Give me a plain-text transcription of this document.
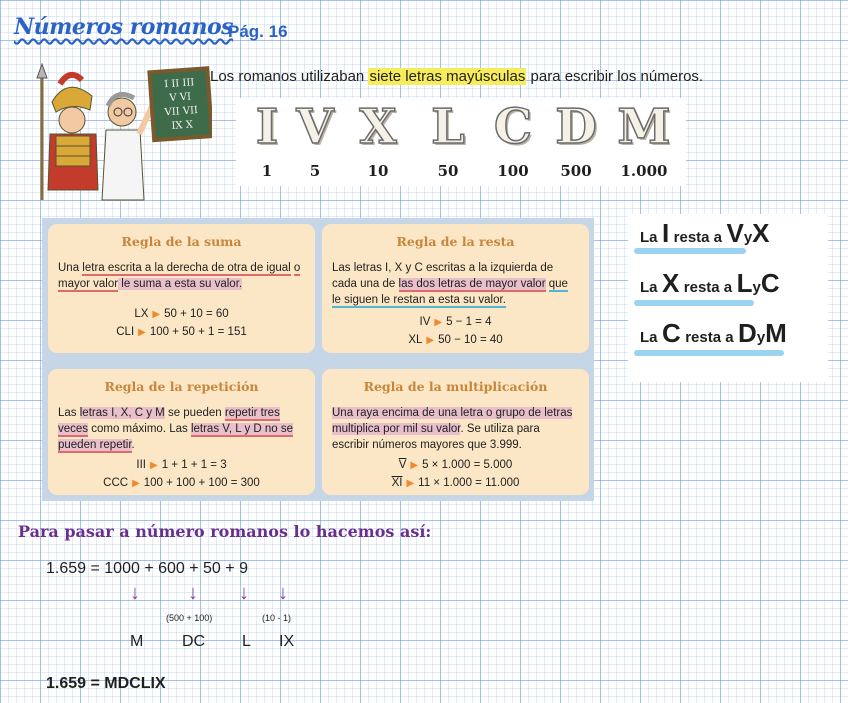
Números romanos
Pág. 16
I II III
V VI
VII VII
IX X
Los romanos utilizaban siete letras mayúsculas para escribir los números.
I
1
V
5
X
10
L
50
C
100
D
500
M
1.000
Regla de la suma
Una letra escrita a la derecha de otra de igual o mayor valor le suma a esta su valor.
LX ▶ 50 + 10 = 60
CLI ▶ 100 + 50 + 1 = 151
Regla de la resta
Las letras I, X y C escritas a la izquierda de cada una de las dos letras de mayor valor que le siguen le restan a esta su valor.
IV ▶ 5 − 1 = 4
XL ▶ 50 − 10 = 40
Regla de la repetición
Las letras I, X, C y M se pueden repetir tres veces como máximo. Las letras V, L y D no se pueden repetir.
III ▶ 1 + 1 + 1 = 3
CCC ▶ 100 + 100 + 100 = 300
Regla de la multiplicación
Una raya encima de una letra o grupo de letras multiplica por mil su valor. Se utiliza para escribir números mayores que 3.999.
$\overline{V}$ ▶ 5 × 1.000 = 5.000
$\overline{XI}$ ▶ 11 × 1.000 = 11.000
La I resta a VyX
La X resta a LyC
La C resta a DyM
Para pasar a número romanos lo hacemos así:
1.659 = 1000 + 600 + 50 + 9
↓ ↓ ↓ ↓
(500 + 100)	(10 - 1)
M DC L IX
1.659 = MDCLIX
